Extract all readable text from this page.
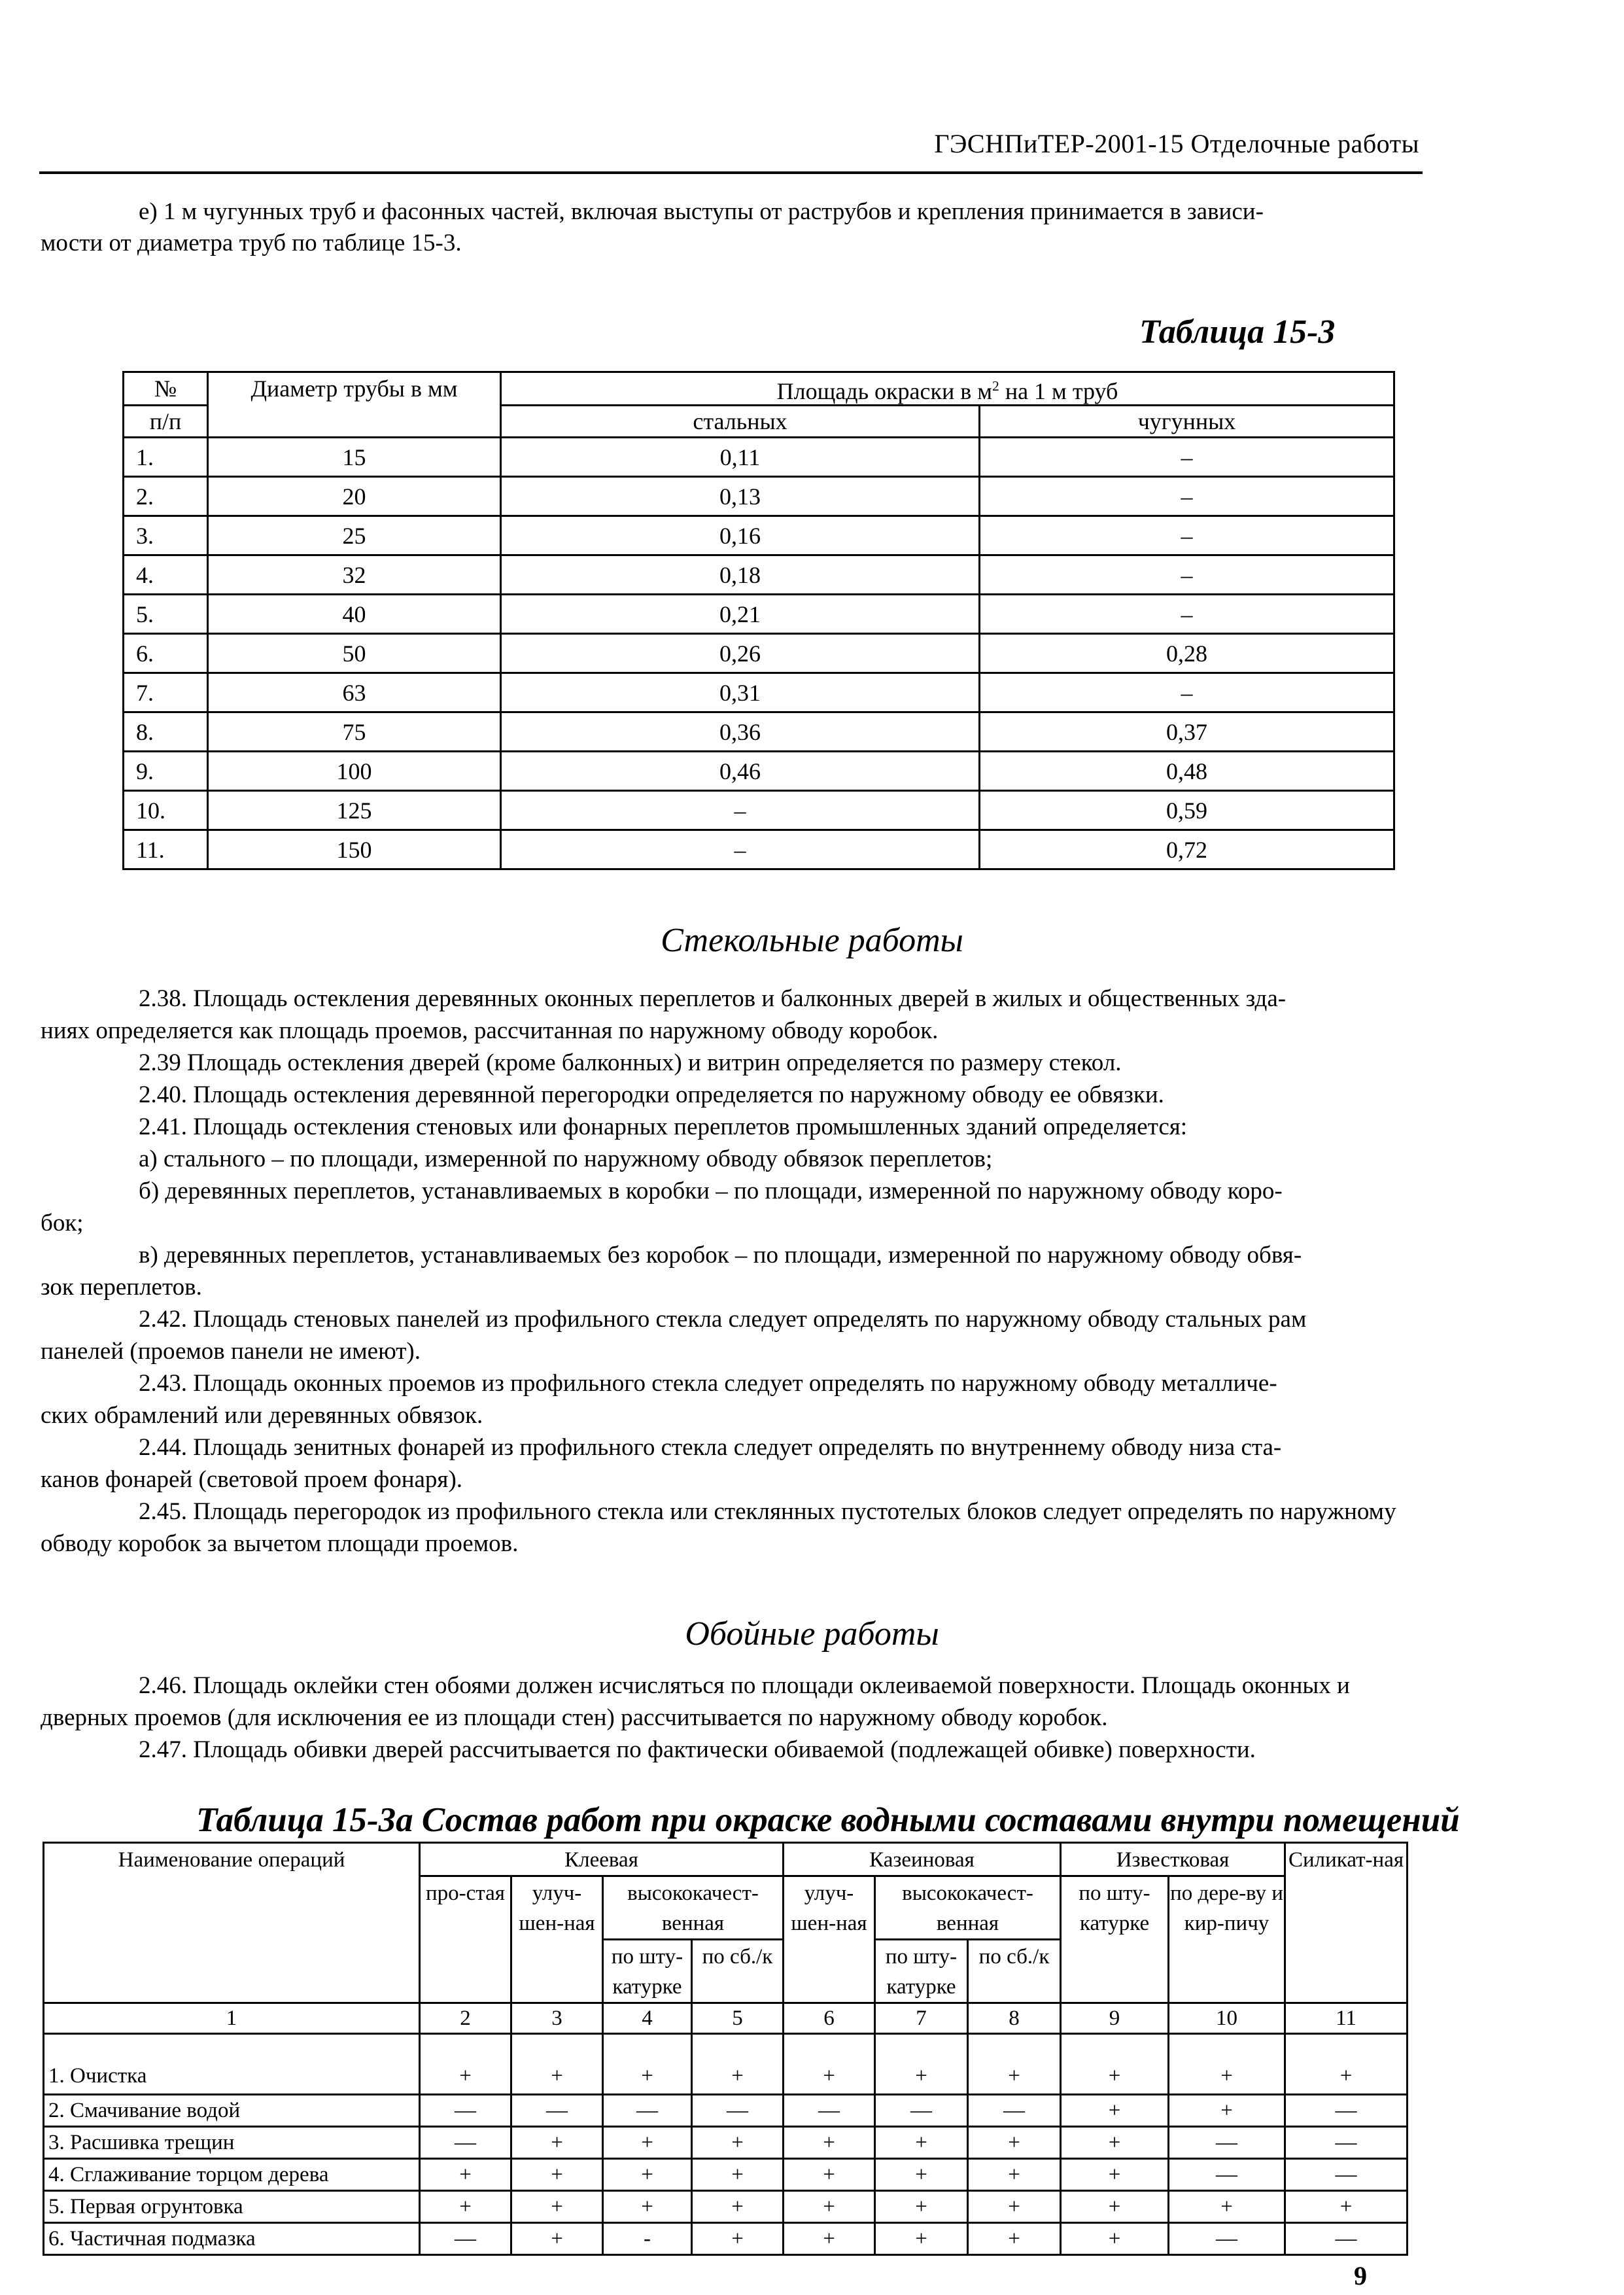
ГЭСНПиТЕР-2001-15 Отделочные работы
е) 1 м чугунных труб и фасонных частей, включая выступы от раструбов и крепления принимается в зависи-
мости от диаметра труб по таблице 15-3.
Таблица 15-3
№	Диаметр трубы в мм	Площадь окраски в $м^2$ на 1 м труб	
п/п		стальных	чугунных
1.	15	0,11	–
2.	20	0,13	–
3.	25	0,16	–
4.	32	0,18	–
5.	40	0,21	–
6.	50	0,26	0,28
7.	63	0,31	–
8.	75	0,36	0,37
9.	100	0,46	0,48
10.	125	–	0,59
11.	150	–	0,72
Стекольные работы
2.38. Площадь остекления деревянных оконных переплетов и балконных дверей в жилых и общественных зда-
ниях определяется как площадь проемов, рассчитанная по наружному обводу коробок.
2.39 Площадь остекления дверей (кроме балконных) и витрин определяется по размеру стекол.
2.40. Площадь остекления деревянной перегородки определяется по наружному обводу ее обвязки.
2.41. Площадь остекления стеновых или фонарных переплетов промышленных зданий определяется:
а) стального – по площади, измеренной по наружному обводу обвязок переплетов;
б) деревянных переплетов, устанавливаемых в коробки – по площади, измеренной по наружному обводу коро-
бок;
в) деревянных переплетов, устанавливаемых без коробок – по площади, измеренной по наружному обводу обвя-
зок переплетов.
2.42. Площадь стеновых панелей из профильного стекла следует определять по наружному обводу стальных рам
панелей (проемов панели не имеют).
2.43. Площадь оконных проемов из профильного стекла следует определять по наружному обводу металличе-
ских обрамлений или деревянных обвязок.
2.44. Площадь зенитных фонарей из профильного стекла следует определять по внутреннему обводу низа ста-
канов фонарей (световой проем фонаря).
2.45. Площадь перегородок из профильного стекла или стеклянных пустотелых блоков следует определять по наружному
обводу коробок за вычетом площади проемов.
Обойные работы
2.46. Площадь оклейки стен обоями должен исчисляться по площади оклеиваемой поверхности. Площадь оконных и
дверных проемов (для исключения ее из площади стен) рассчитывается по наружному обводу коробок.
2.47. Площадь обивки дверей рассчитывается по фактически обиваемой (подлежащей обивке) поверхности.
Таблица 15-3а Состав работ при окраске водными составами внутри помещений
Наименование операций	Клеевая				Казеиновая			Известковая		Силикат-ная
	про-стая	улуч-шен-ная	высококачест-венная		улуч-шен-ная	высококачест-венная		по шту-катурке	по дере-ву и кир-пичу	
			по шту-катурке	по сб./к		по шту-катурке	по сб./к			
1	2	3	4	5	6	7	8	9	10	11
1. Очистка	+	+	+	+	+	+	+	+	+	+
2. Смачивание водой	—	—	—	—	—	—	—	+	+	—
3. Расшивка трещин	—	+	+	+	+	+	+	+	—	—
4. Сглаживание торцом дерева	+	+	+	+	+	+	+	+	—	—
5. Первая огрунтовка	+	+	+	+	+	+	+	+	+	+
6. Частичная подмазка	—	+	-	+	+	+	+	+	—	—
9
